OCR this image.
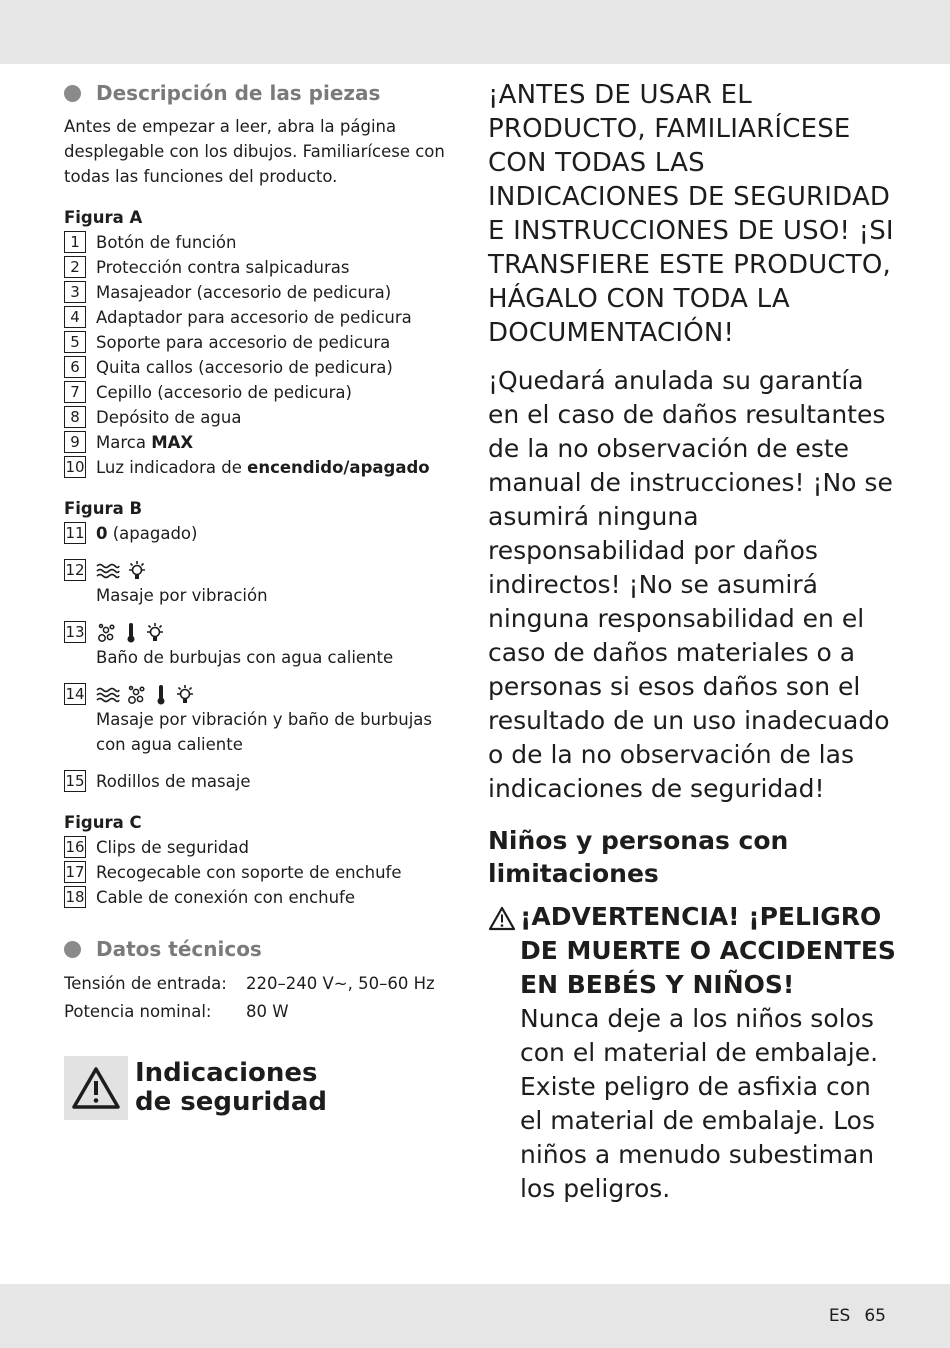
Descripción de las piezas

Antes de empezar a leer, abra la página desplegable con los dibujos. Familiarícese con todas las funciones del producto.

Figura A
1 Botón de función
2 Protección contra salpicaduras
3 Masajeador (accesorio de pedicura)
4 Adaptador para accesorio de pedicura
5 Soporte para accesorio de pedicura
6 Quita callos (accesorio de pedicura)
7 Cepillo (accesorio de pedicura)
8 Depósito de agua
9 Marca MAX
10 Luz indicadora de encendido/apagado
Figura B
11 0 (apagado)
12
Masaje por vibración
13
Baño de burbujas con agua caliente
14
Masaje por vibración y baño de burbujas con agua caliente
15 Rodillos de masaje
Figura C
16 Clips de seguridad
17 Recogecable con soporte de enchufe
18 Cable de conexión con enchufe
Datos técnicos
Tensión de entrada:	220–240 V∼, 50–60 Hz
Potencia nominal:	80 W
Indicaciones
de seguridad

¡ANTES DE USAR EL PRODUCTO, FAMILIARÍCESE CON TODAS LAS INDICACIONES DE SEGURIDAD E INSTRUCCIONES DE USO! ¡SI TRANSFIERE ESTE PRODUCTO, HÁGALO CON TODA LA DOCUMENTACIÓN!

¡Quedará anulada su garantía en el caso de daños resultantes de la no observación de este manual de instrucciones! ¡No se asumirá ninguna responsabilidad por daños indirectos! ¡No se asumirá ninguna responsabilidad en el caso de daños materiales o a personas si esos daños son el resultado de un uso inadecuado o de la no observación de las indicaciones de seguridad!

Niños y personas con limitaciones
¡ADVERTENCIA! ¡PELIGRO DE MUERTE O ACCIDENTES EN BEBÉS Y NIÑOS!
Nunca deje a los niños solos con el material de embalaje. Existe peligro de asfixia con el material de embalaje. Los niños a menudo subestiman los peligros.
ES 65
